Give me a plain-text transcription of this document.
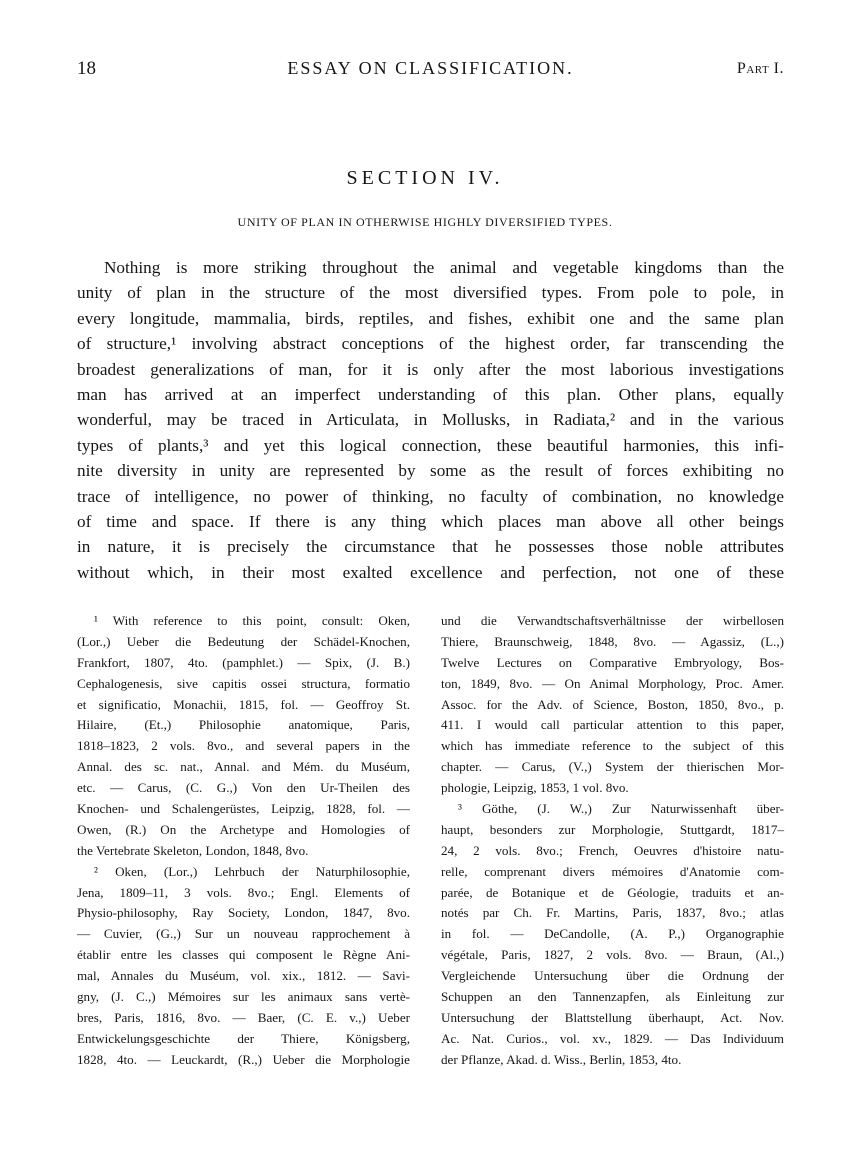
18	ESSAY ON CLASSIFICATION.	Part I.
SECTION IV.
UNITY OF PLAN IN OTHERWISE HIGHLY DIVERSIFIED TYPES.
Nothing is more striking throughout the animal and vegetable kingdoms than the
unity of plan in the structure of the most diversified types. From pole to pole, in
every longitude, mammalia, birds, reptiles, and fishes, exhibit one and the same plan
of structure,¹ involving abstract conceptions of the highest order, far transcending the
broadest generalizations of man, for it is only after the most laborious investigations
man has arrived at an imperfect understanding of this plan. Other plans, equally
wonderful, may be traced in Articulata, in Mollusks, in Radiata,² and in the various
types of plants,³ and yet this logical connection, these beautiful harmonies, this infi-
nite diversity in unity are represented by some as the result of forces exhibiting no
trace of intelligence, no power of thinking, no faculty of combination, no knowledge
of time and space. If there is any thing which places man above all other beings
in nature, it is precisely the circumstance that he possesses those noble attributes
without which, in their most exalted excellence and perfection, not one of these
¹ With reference to this point, consult: Oken,
(Lor.,) Ueber die Bedeutung der Schädel-Knochen,
Frankfort, 1807, 4to. (pamphlet.) — Spix, (J. B.)
Cephalogenesis, sive capitis ossei structura, formatio
et significatio, Monachii, 1815, fol. — Geoffroy St.
Hilaire, (Et.,) Philosophie anatomique, Paris,
1818–1823, 2 vols. 8vo., and several papers in the
Annal. des sc. nat., Annal. and Mém. du Muséum,
etc. — Carus, (C. G.,) Von den Ur-Theilen des
Knochen- und Schalengerüstes, Leipzig, 1828, fol. —
Owen, (R.) On the Archetype and Homologies of
the Vertebrate Skeleton, London, 1848, 8vo.
² Oken, (Lor.,) Lehrbuch der Naturphilosophie,
Jena, 1809–11, 3 vols. 8vo.; Engl. Elements of
Physio-philosophy, Ray Society, London, 1847, 8vo.
— Cuvier, (G.,) Sur un nouveau rapprochement à
établir entre les classes qui composent le Règne Ani-
mal, Annales du Muséum, vol. xix., 1812. — Savi-
gny, (J. C.,) Mémoires sur les animaux sans vertè-
bres, Paris, 1816, 8vo. — Baer, (C. E. v.,) Ueber
Entwickelungsgeschichte der Thiere, Königsberg,
1828, 4to. — Leuckardt, (R.,) Ueber die Morphologie
und die Verwandtschaftsverhältnisse der wirbellosen
Thiere, Braunschweig, 1848, 8vo. — Agassiz, (L.,)
Twelve Lectures on Comparative Embryology, Bos-
ton, 1849, 8vo. — On Animal Morphology, Proc. Amer.
Assoc. for the Adv. of Science, Boston, 1850, 8vo., p.
411. I would call particular attention to this paper,
which has immediate reference to the subject of this
chapter. — Carus, (V.,) System der thierischen Mor-
phologie, Leipzig, 1853, 1 vol. 8vo.
³ Göthe, (J. W.,) Zur Naturwissenhaft über-
haupt, besonders zur Morphologie, Stuttgardt, 1817–
24, 2 vols. 8vo.; French, Oeuvres d'histoire natu-
relle, comprenant divers mémoires d'Anatomie com-
parée, de Botanique et de Géologie, traduits et an-
notés par Ch. Fr. Martins, Paris, 1837, 8vo.; atlas
in fol. — DeCandolle, (A. P.,) Organographie
végétale, Paris, 1827, 2 vols. 8vo. — Braun, (Al.,)
Vergleichende Untersuchung über die Ordnung der
Schuppen an den Tannenzapfen, als Einleitung zur
Untersuchung der Blattstellung überhaupt, Act. Nov.
Ac. Nat. Curios., vol. xv., 1829. — Das Individuum
der Pflanze, Akad. d. Wiss., Berlin, 1853, 4to.
